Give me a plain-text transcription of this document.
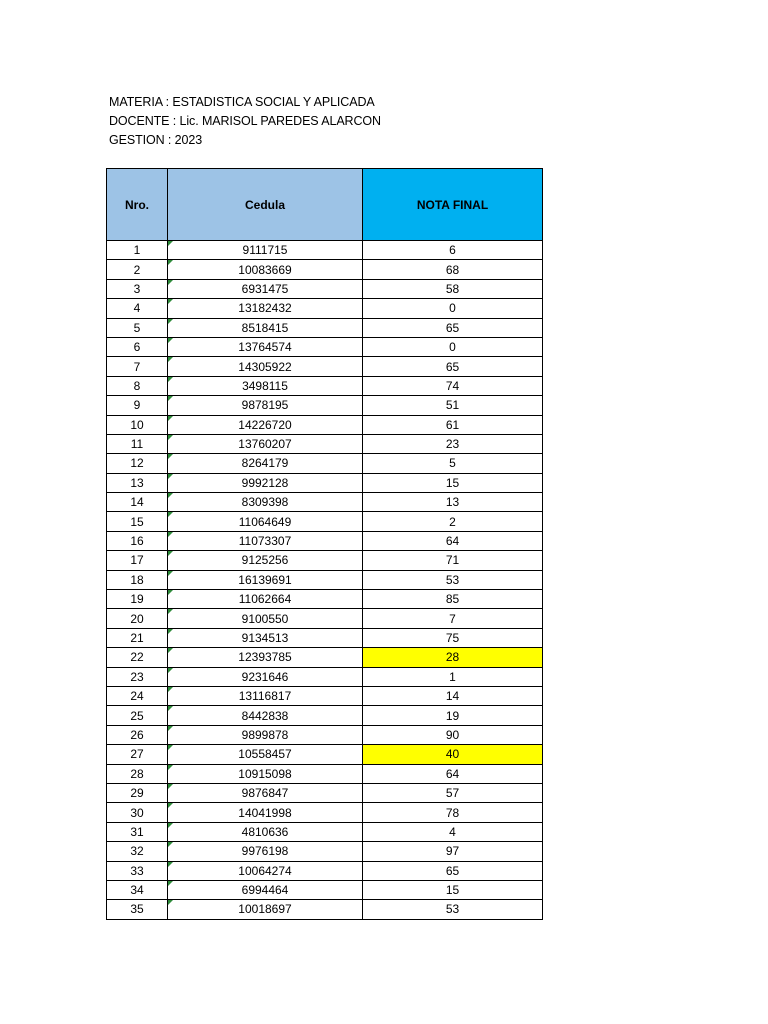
MATERIA : ESTADISTICA SOCIAL Y APLICADA
DOCENTE : Lic. MARISOL PAREDES ALARCON
GESTION : 2023
Nro.	Cedula	NOTA FINAL
1	9111715	6
2	10083669	68
3	6931475	58
4	13182432	0
5	8518415	65
6	13764574	0
7	14305922	65
8	3498115	74
9	9878195	51
10	14226720	61
11	13760207	23
12	8264179	5
13	9992128	15
14	8309398	13
15	11064649	2
16	11073307	64
17	9125256	71
18	16139691	53
19	11062664	85
20	9100550	7
21	9134513	75
22	12393785	28
23	9231646	1
24	13116817	14
25	8442838	19
26	9899878	90
27	10558457	40
28	10915098	64
29	9876847	57
30	14041998	78
31	4810636	4
32	9976198	97
33	10064274	65
34	6994464	15
35	10018697	53
